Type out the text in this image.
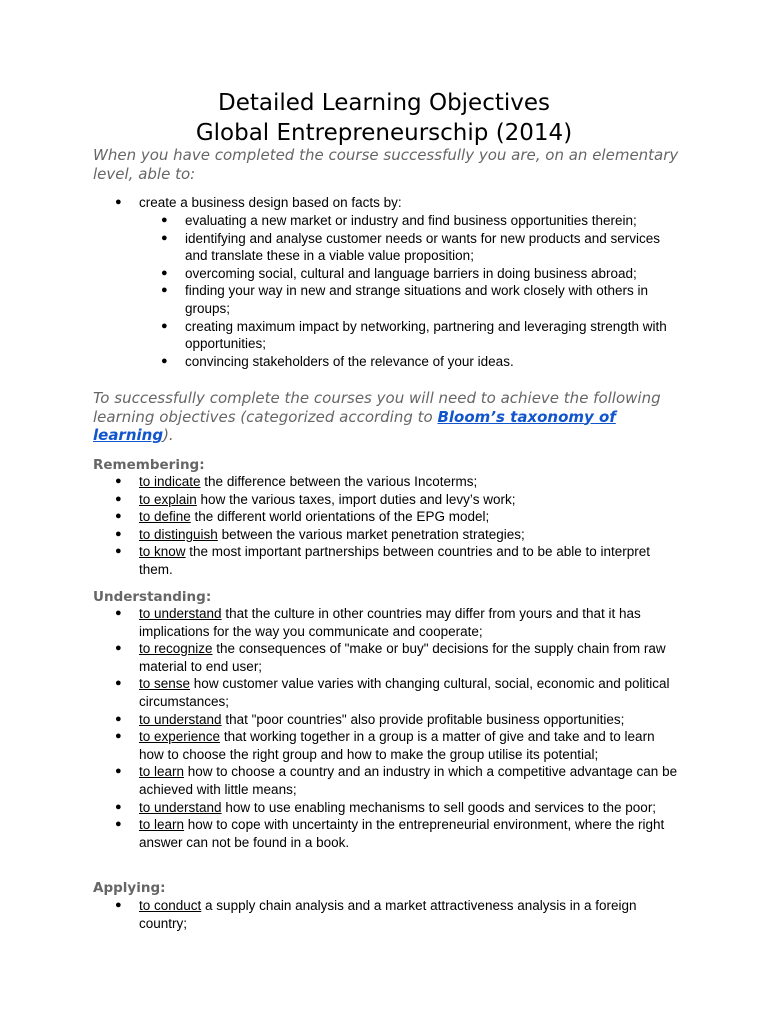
Detailed Learning Objectives
Global Entrepreneurschip (2014)
When you have completed the course successfully you are, on an elementary level, able to:
● create a business design based on facts by:
● evaluating a new market or industry and find business opportunities therein;
● identifying and analyse customer needs or wants for new products and services and translate these in a viable value proposition;
● overcoming social, cultural and language barriers in doing business abroad;
● finding your way in new and strange situations and work closely with others in groups;
● creating maximum impact by networking, partnering and leveraging strength with opportunities;
● convincing stakeholders of the relevance of your ideas.
To successfully complete the courses you will need to achieve the following learning objectives (categorized according to Bloom’s taxonomy of learning).
Remembering:
● to indicate the difference between the various Incoterms;
● to explain how the various taxes, import duties and levy’s work;
● to define the different world orientations of the EPG model;
● to distinguish between the various market penetration strategies;
● to know the most important partnerships between countries and to be able to interpret them.
Understanding:
● to understand that the culture in other countries may differ from yours and that it has implications for the way you communicate and cooperate;
● to recognize the consequences of "make or buy" decisions for the supply chain from raw material to end user;
● to sense how customer value varies with changing cultural, social, economic and political circumstances;
● to understand that "poor countries" also provide profitable business opportunities;
● to experience that working together in a group is a matter of give and take and to learn how to choose the right group and how to make the group utilise its potential;
● to learn how to choose a country and an industry in which a competitive advantage can be achieved with little means;
● to understand how to use enabling mechanisms to sell goods and services to the poor;
● to learn how to cope with uncertainty in the entrepreneurial environment, where the right answer can not be found in a book.
Applying:
● to conduct a supply chain analysis and a market attractiveness analysis in a foreign country;
